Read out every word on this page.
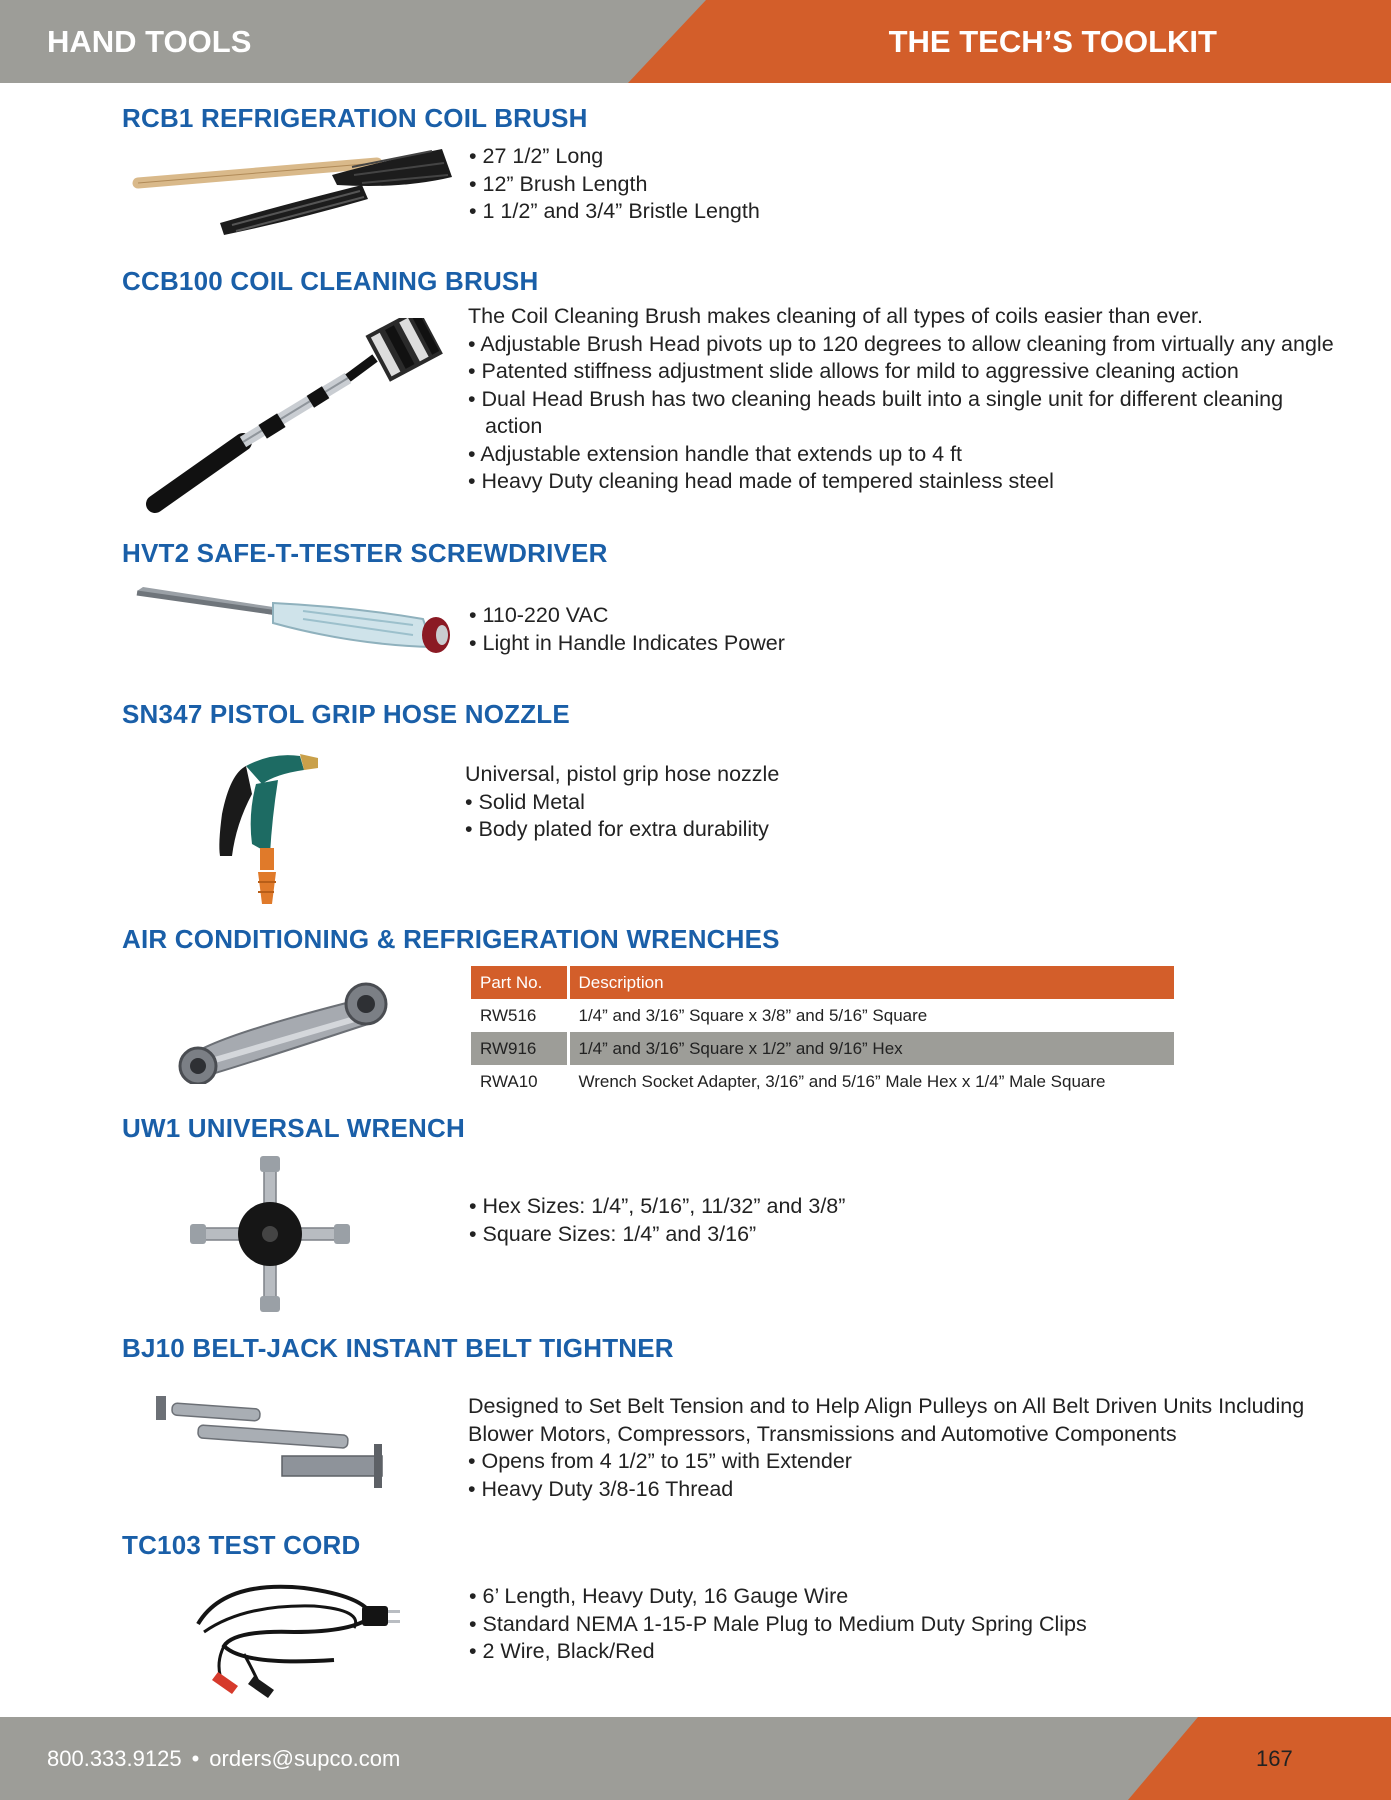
HAND TOOLS	THE TECH’S TOOLKIT
RCB1 REFRIGERATION COIL BRUSH
• 27 1/2” Long
• 12” Brush Length
• 1 1/2” and 3/4” Bristle Length
CCB100 COIL CLEANING BRUSH
The Coil Cleaning Brush makes cleaning of all types of coils easier than ever.
• Adjustable Brush Head pivots up to 120 degrees to allow cleaning from virtually any angle
• Patented stiffness adjustment slide allows for mild to aggressive cleaning action
• Dual Head Brush has two cleaning heads built into a single unit for different cleaning action
• Adjustable extension handle that extends up to 4 ft
• Heavy Duty cleaning head made of tempered stainless steel
HVT2 SAFE-T-TESTER SCREWDRIVER
• 110-220 VAC
• Light in Handle Indicates Power
SN347 PISTOL GRIP HOSE NOZZLE
Universal, pistol grip hose nozzle
• Solid Metal
• Body plated for extra durability
AIR CONDITIONING & REFRIGERATION WRENCHES
Part No.	Description
RW516	1/4” and 3/16” Square x 3/8” and 5/16” Square
RW916	1/4” and 3/16” Square x 1/2” and 9/16” Hex
RWA10	Wrench Socket Adapter, 3/16” and 5/16” Male Hex x 1/4” Male Square
UW1 UNIVERSAL WRENCH
• Hex Sizes: 1/4”, 5/16”, 11/32” and 3/8”
• Square Sizes: 1/4” and 3/16”
BJ10 BELT-JACK INSTANT BELT TIGHTNER
Designed to Set Belt Tension and to Help Align Pulleys on All Belt Driven Units Including
Blower Motors, Compressors, Transmissions and Automotive Components
• Opens from 4 1/2” to 15” with Extender
• Heavy Duty 3/8-16 Thread
TC103 TEST CORD
• 6’ Length, Heavy Duty, 16 Gauge Wire
• Standard NEMA 1-15-P Male Plug to Medium Duty Spring Clips
• 2 Wire, Black/Red
800.333.9125 • orders@supco.com	167
